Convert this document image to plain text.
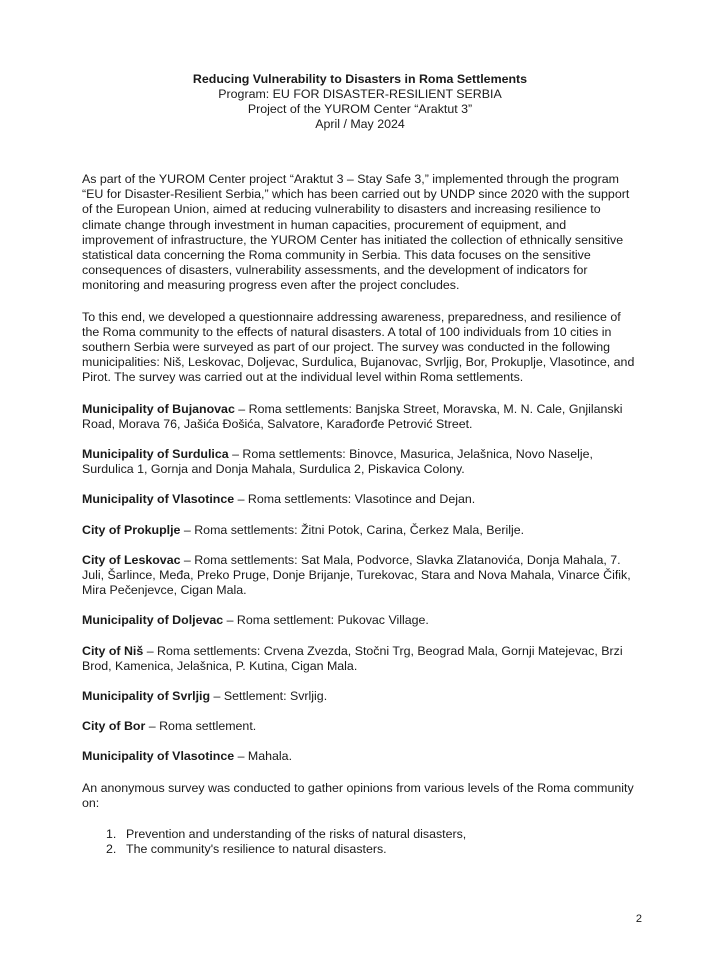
Reducing Vulnerability to Disasters in Roma Settlements
Program: EU FOR DISASTER-RESILIENT SERBIA
Project of the YUROM Center “Araktut 3”
April / May 2024

As part of the YUROM Center project “Araktut 3 – Stay Safe 3,” implemented through the program “EU for Disaster-Resilient Serbia,” which has been carried out by UNDP since 2020 with the support of the European Union, aimed at reducing vulnerability to disasters and increasing resilience to climate change through investment in human capacities, procurement of equipment, and improvement of infrastructure, the YUROM Center has initiated the collection of ethnically sensitive statistical data concerning the Roma community in Serbia. This data focuses on the sensitive consequences of disasters, vulnerability assessments, and the development of indicators for monitoring and measuring progress even after the project concludes.

To this end, we developed a questionnaire addressing awareness, preparedness, and resilience of the Roma community to the effects of natural disasters. A total of 100 individuals from 10 cities in southern Serbia were surveyed as part of our project. The survey was conducted in the following municipalities: Niš, Leskovac, Doljevac, Surdulica, Bujanovac, Svrljig, Bor, Prokuplje, Vlasotince, and Pirot. The survey was carried out at the individual level within Roma settlements.

Municipality of Bujanovac – Roma settlements: Banjska Street, Moravska, M. N. Cale, Gnjilanski Road, Morava 76, Jašića Đošića, Salvatore, Karađorđe Petrović Street.

Municipality of Surdulica – Roma settlements: Binovce, Masurica, Jelašnica, Novo Naselje, Surdulica 1, Gornja and Donja Mahala, Surdulica 2, Piskavica Colony.

Municipality of Vlasotince – Roma settlements: Vlasotince and Dejan.

City of Prokuplje – Roma settlements: Žitni Potok, Carina, Čerkez Mala, Berilje.

City of Leskovac – Roma settlements: Sat Mala, Podvorce, Slavka Zlatanovića, Donja Mahala, 7. Juli, Šarlince, Međa, Preko Pruge, Donje Brijanje, Turekovac, Stara and Nova Mahala, Vinarce Čifik, Mira Pečenjevce, Cigan Mala.

Municipality of Doljevac – Roma settlement: Pukovac Village.

City of Niš – Roma settlements: Crvena Zvezda, Stočni Trg, Beograd Mala, Gornji Matejevac, Brzi Brod, Kamenica, Jelašnica, P. Kutina, Cigan Mala.

Municipality of Svrljig – Settlement: Svrljig.

City of Bor – Roma settlement.

Municipality of Vlasotince – Mahala.

An anonymous survey was conducted to gather opinions from various levels of the Roma community on:

1. Prevention and understanding of the risks of natural disasters,
2. The community's resilience to natural disasters.
2
